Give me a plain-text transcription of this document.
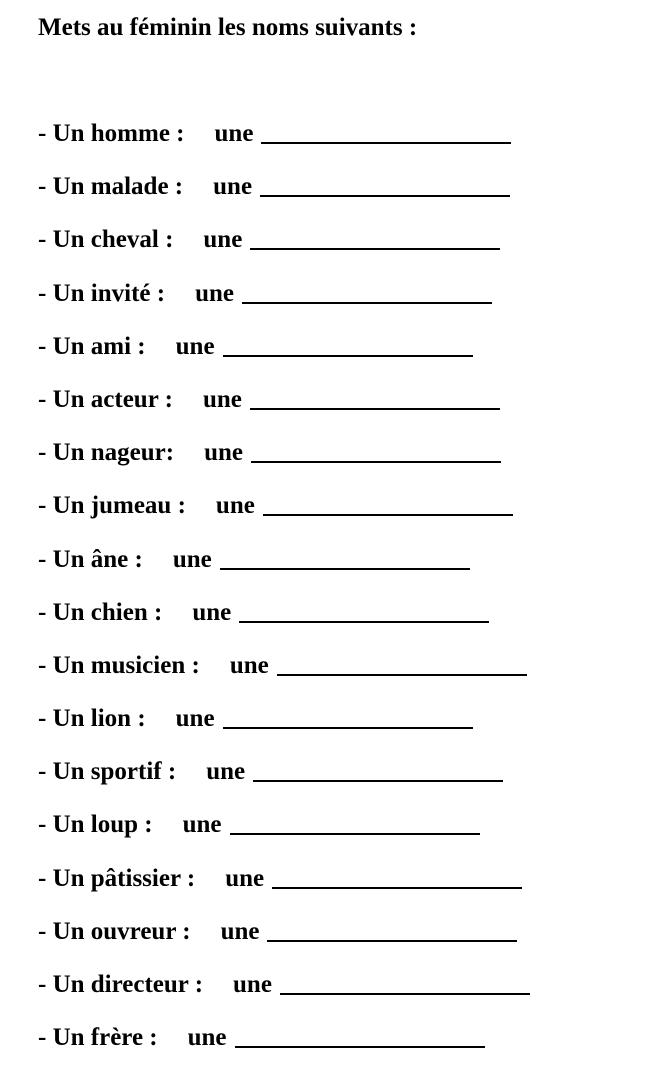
Mets au féminin les noms suivants :
- Un homme : une
- Un malade : une
- Un cheval : une
- Un invité : une
- Un ami : une
- Un acteur : une
- Un nageur: une
- Un jumeau : une
- Un âne : une
- Un chien : une
- Un musicien : une
- Un lion : une
- Un sportif : une
- Un loup : une
- Un pâtissier : une
- Un ouvreur : une
- Un directeur : une
- Un frère : une
